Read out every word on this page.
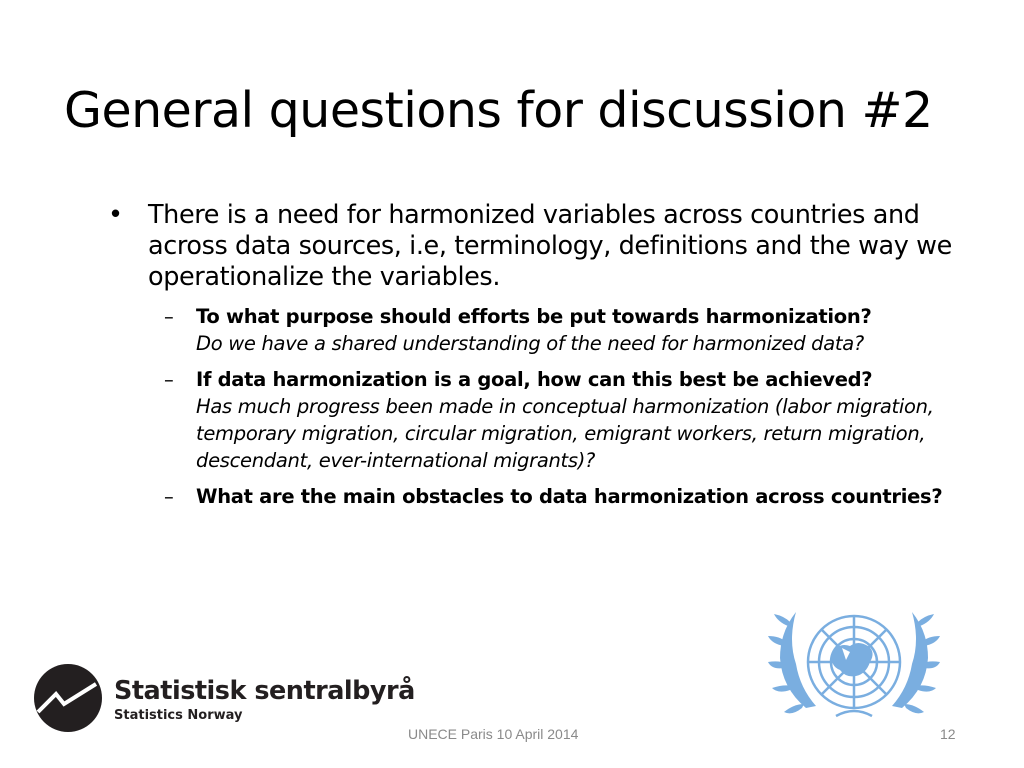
General questions for discussion #2
• There is a need for harmonized variables across countries and across data sources, i.e, terminology, definitions and the way we operationalize the variables.
–	To what purpose should efforts be put towards harmonization?
Do we have a shared understanding of the need for harmonized data?
–	If data harmonization is a goal, how can this best be achieved?
Has much progress been made in conceptual harmonization (labor migration, temporary migration, circular migration, emigrant workers, return migration, descendant, ever-international migrants)?
–	What are the main obstacles to data harmonization across countries?
Statistisk sentralbyrå
Statistics Norway
UNECE Paris 10 April 2014	12
